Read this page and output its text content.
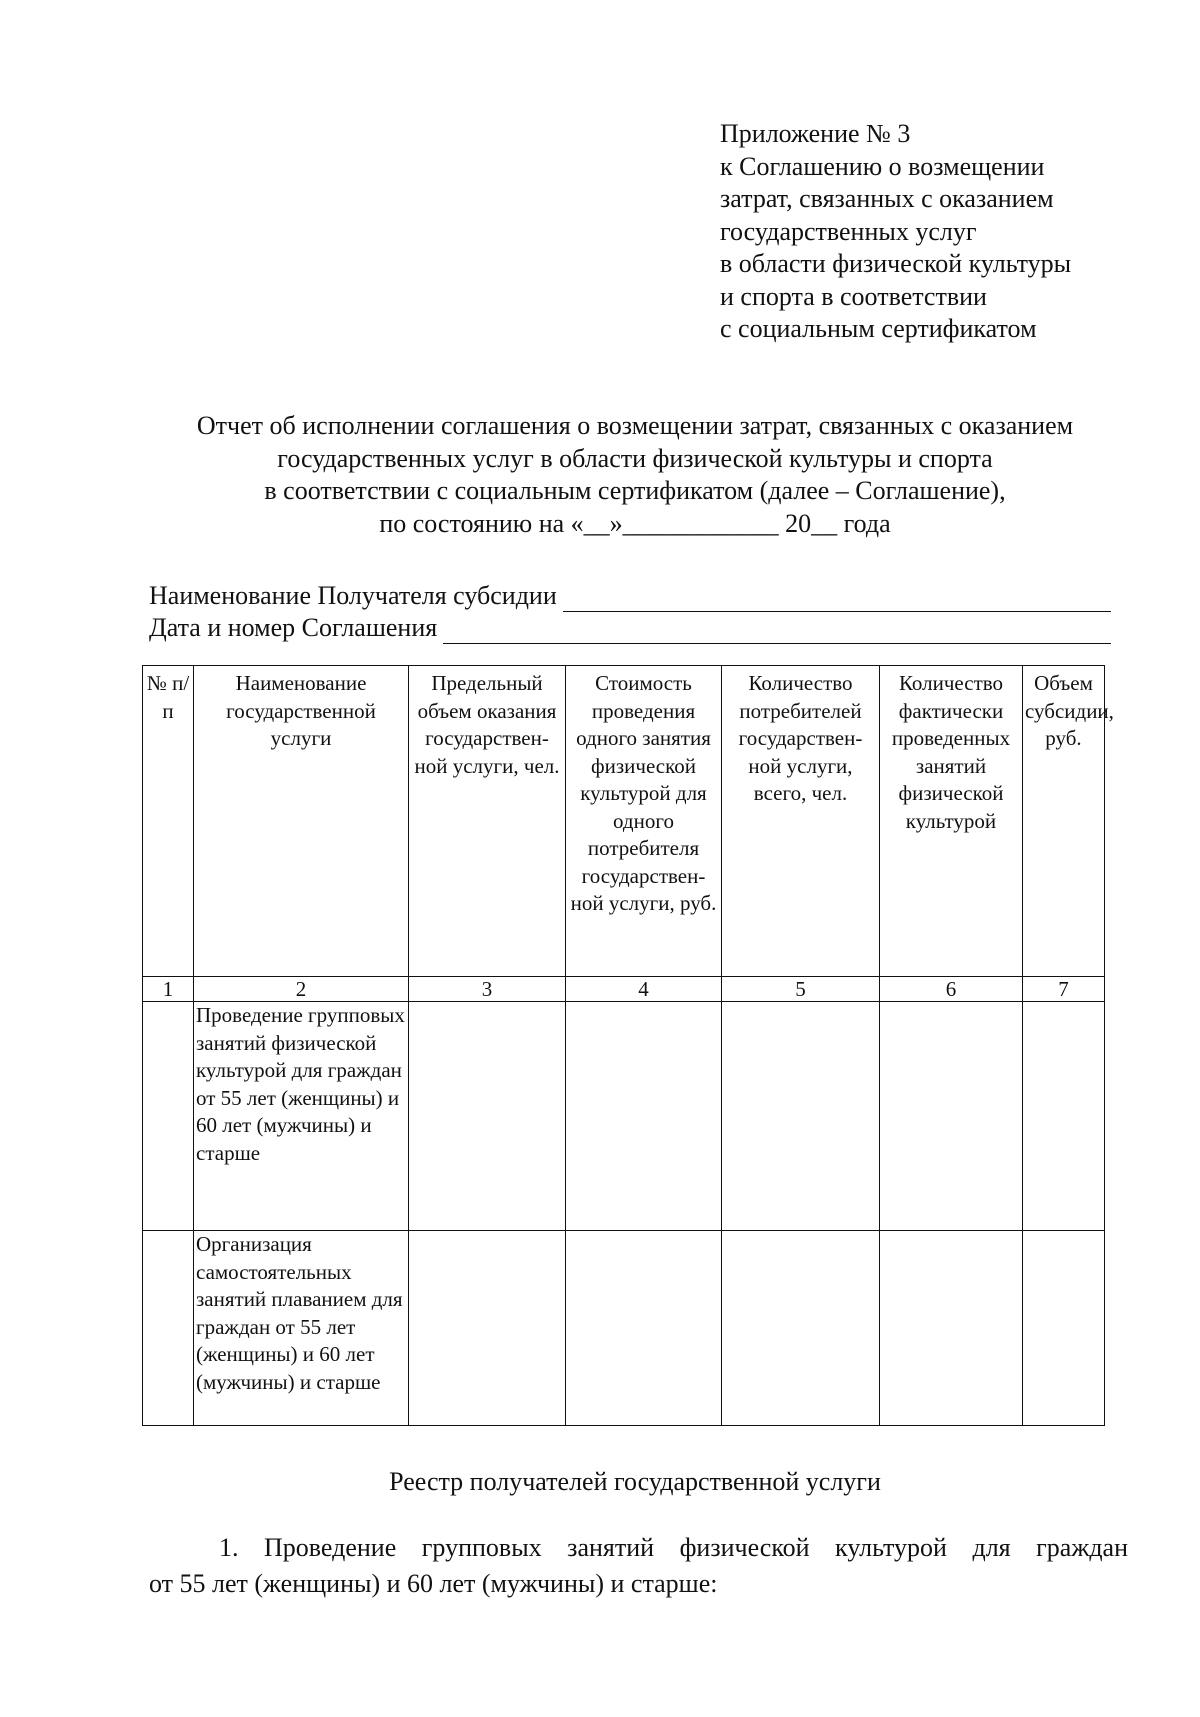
Приложение № 3
к Соглашению о возмещении
затрат, связанных с оказанием
государственных услуг
в области физической культуры
и спорта в соответствии
с социальным сертификатом
Отчет об исполнении соглашения о возмещении затрат, связанных с оказанием
государственных услуг в области физической культуры и спорта
в соответствии с социальным сертификатом (далее – Соглашение),
по состоянию на «__»____________ 20__ года
Наименование Получателя субсидии
Дата и номер Соглашения
№ п/п	Наименование государственной услуги	Предельный объем оказания государствен-ной услуги, чел.	Стоимость проведения одного занятия физической культурой для одного потребителя государствен-ной услуги, руб.	Количество потребителей государствен-ной услуги, всего, чел.	Количество фактически проведенных занятий физической культурой	Объем субсидии, руб.
1	2	3	4	5	6	7
	Проведение групповых занятий физической культурой для граждан от 55 лет (женщины) и 60 лет (мужчины) и старше					
	Организация самостоятельных занятий плаванием для граждан от 55 лет (женщины) и 60 лет (мужчины) и старше					
Реестр получателей государственной услуги
1. Проведение групповых занятий физической культурой для граждан
от 55 лет (женщины) и 60 лет (мужчины) и старше:
